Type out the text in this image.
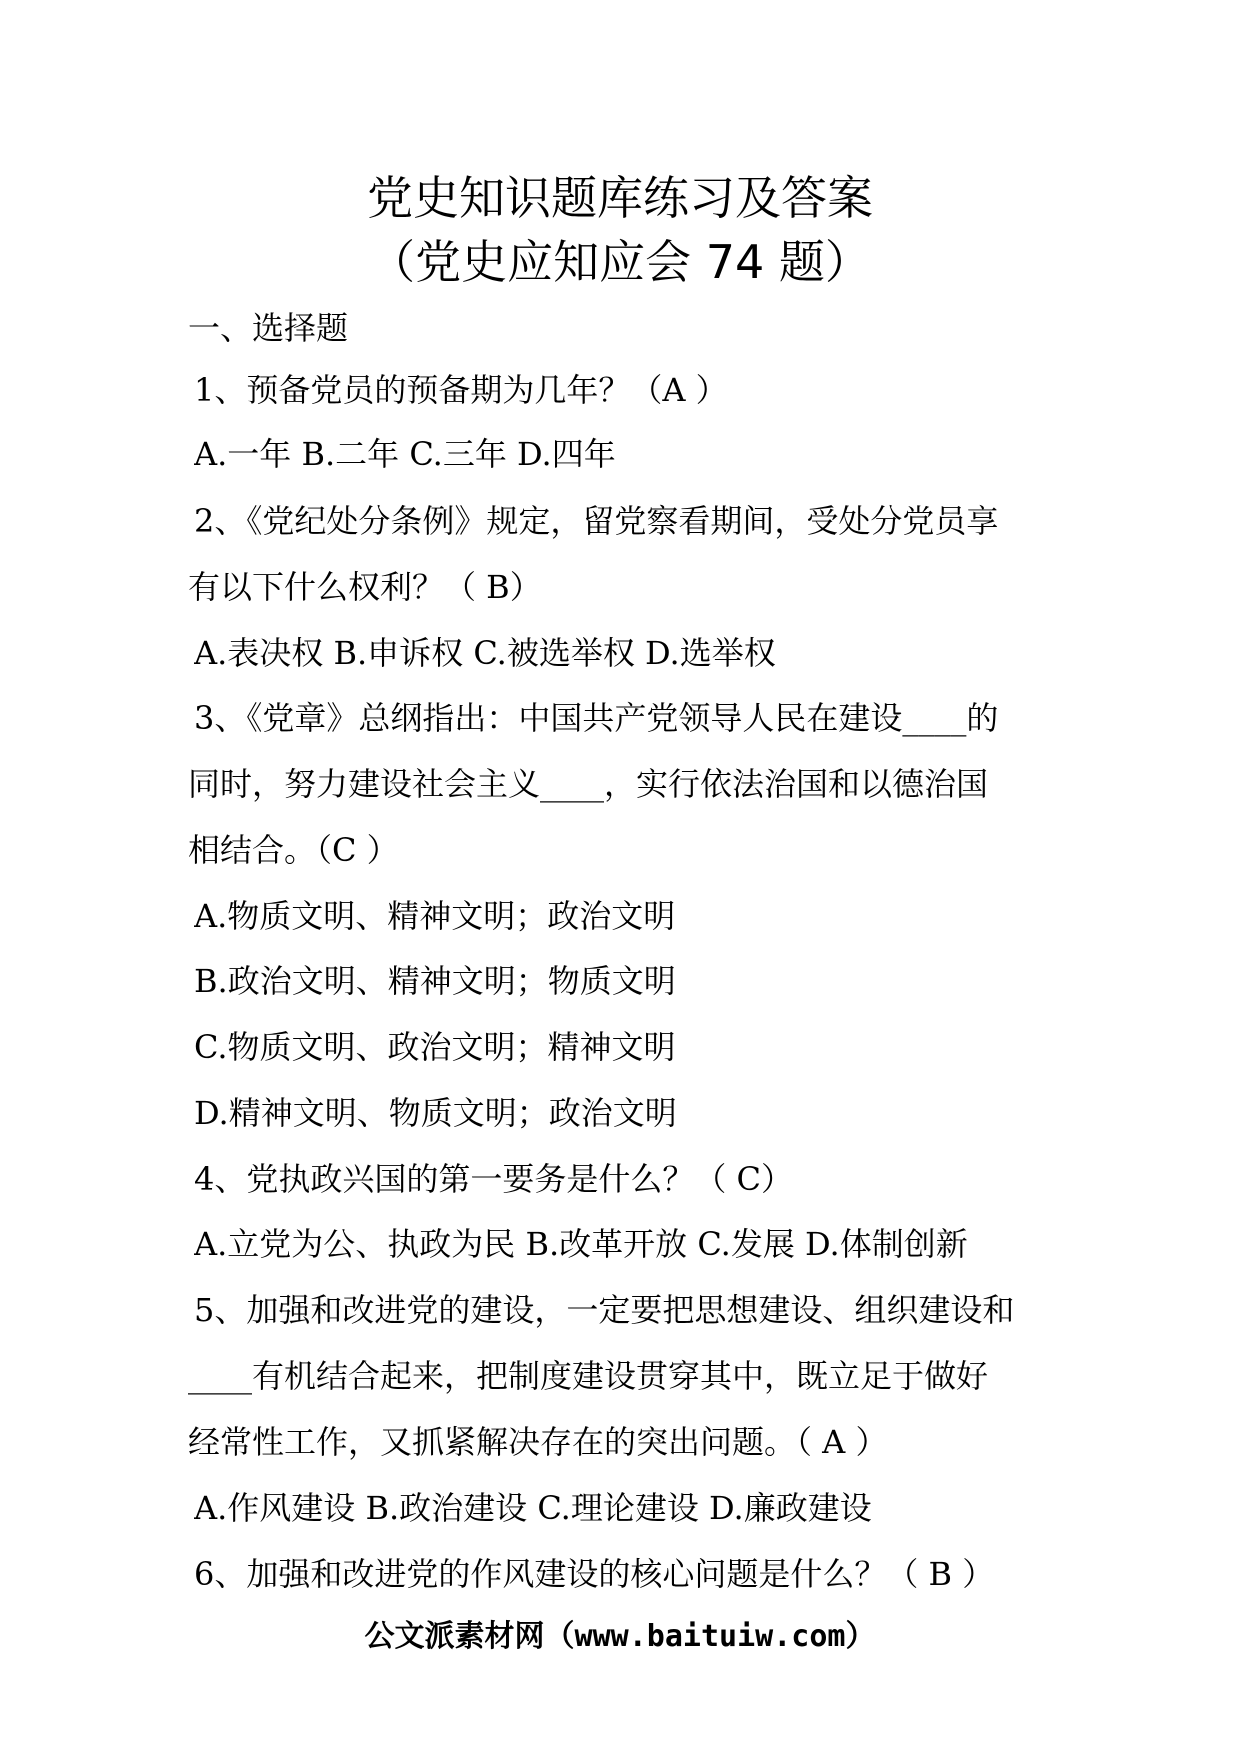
党史知识题库练习及答案
（党史应知应会 74 题）
一、选择题
1、预备党员的预备期为几年？（A ）
A.一年 B.二年 C.三年 D.四年
2、《党纪处分条例》规定，留党察看期间，受处分党员享
有以下什么权利？（ B）
A.表决权 B.申诉权 C.被选举权 D.选举权
3、《党章》总纲指出：中国共产党领导人民在建设____的
同时，努力建设社会主义____，实行依法治国和以德治国
相结合。（C ）
A.物质文明、精神文明；政治文明
B.政治文明、精神文明；物质文明
C.物质文明、政治文明；精神文明
D.精神文明、物质文明；政治文明
4、党执政兴国的第一要务是什么？（ C）
A.立党为公、执政为民 B.改革开放 C.发展 D.体制创新
5、加强和改进党的建设，一定要把思想建设、组织建设和
____有机结合起来，把制度建设贯穿其中，既立足于做好
经常性工作，又抓紧解决存在的突出问题。（ A ）
A.作风建设 B.政治建设 C.理论建设 D.廉政建设
6、加强和改进党的作风建设的核心问题是什么？（ B ）
公文派素材网（www.baituiw.com）
